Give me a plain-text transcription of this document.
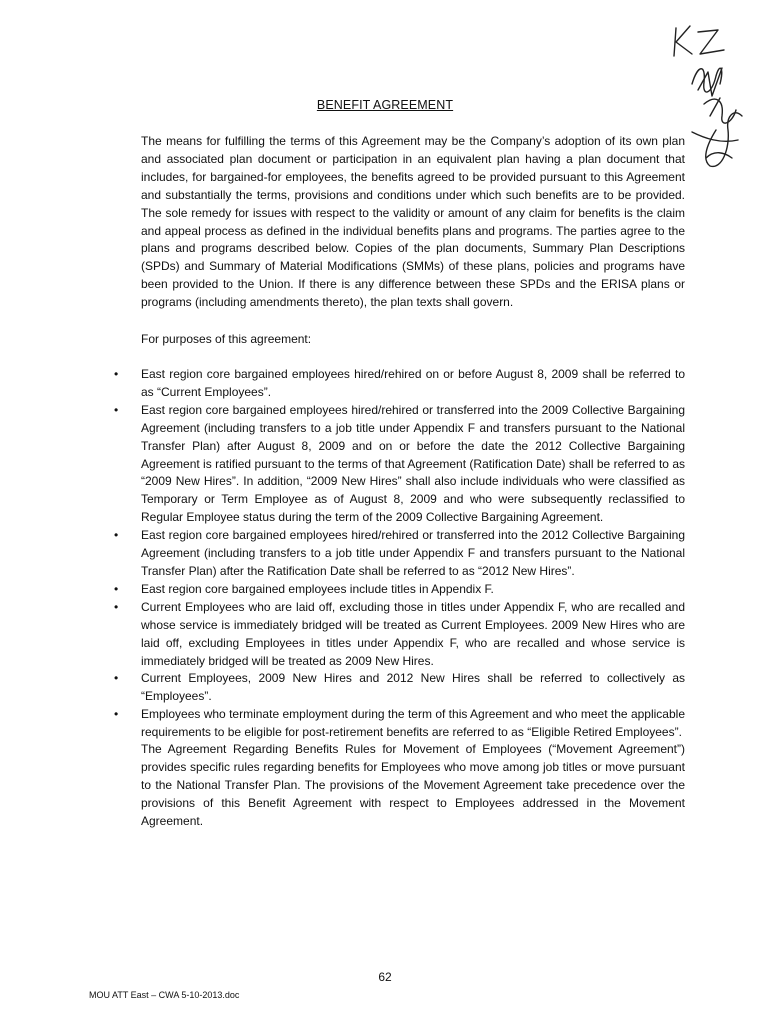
BENEFIT AGREEMENT

The means for fulfilling the terms of this Agreement may be the Company’s adoption of its own plan and associated plan document or participation in an equivalent plan having a plan document that includes, for bargained-for employees, the benefits agreed to be provided pursuant to this Agreement and substantially the terms, provisions and conditions under which such benefits are to be provided. The sole remedy for issues with respect to the validity or amount of any claim for benefits is the claim and appeal process as defined in the individual benefits plans and programs. The parties agree to the plans and programs described below. Copies of the plan documents, Summary Plan Descriptions (SPDs) and Summary of Material Modifications (SMMs) of these plans, policies and programs have been provided to the Union. If there is any difference between these SPDs and the ERISA plans or programs (including amendments thereto), the plan texts shall govern.

For purposes of this agreement:

• East region core bargained employees hired/rehired on or before August 8, 2009 shall be referred to as “Current Employees”.
• East region core bargained employees hired/rehired or transferred into the 2009 Collective Bargaining Agreement (including transfers to a job title under Appendix F and transfers pursuant to the National Transfer Plan) after August 8, 2009 and on or before the date the 2012 Collective Bargaining Agreement is ratified pursuant to the terms of that Agreement (Ratification Date) shall be referred to as “2009 New Hires”. In addition, “2009 New Hires” shall also include individuals who were classified as Temporary or Term Employee as of August 8, 2009 and who were subsequently reclassified to Regular Employee status during the term of the 2009 Collective Bargaining Agreement.
• East region core bargained employees hired/rehired or transferred into the 2012 Collective Bargaining Agreement (including transfers to a job title under Appendix F and transfers pursuant to the National Transfer Plan) after the Ratification Date shall be referred to as “2012 New Hires”.
• East region core bargained employees include titles in Appendix F.
• Current Employees who are laid off, excluding those in titles under Appendix F, who are recalled and whose service is immediately bridged will be treated as Current Employees. 2009 New Hires who are laid off, excluding Employees in titles under Appendix F, who are recalled and whose service is immediately bridged will be treated as 2009 New Hires.
• Current Employees, 2009 New Hires and 2012 New Hires shall be referred to collectively as “Employees”.
• Employees who terminate employment during the term of this Agreement and who meet the applicable requirements to be eligible for post-retirement benefits are referred to as “Eligible Retired Employees”.

The Agreement Regarding Benefits Rules for Movement of Employees (“Movement Agreement”) provides specific rules regarding benefits for Employees who move among job titles or move pursuant to the National Transfer Plan. The provisions of the Movement Agreement take precedence over the provisions of this Benefit Agreement with respect to Employees addressed in the Movement Agreement.

62
MOU ATT East – CWA 5-10-2013.doc
